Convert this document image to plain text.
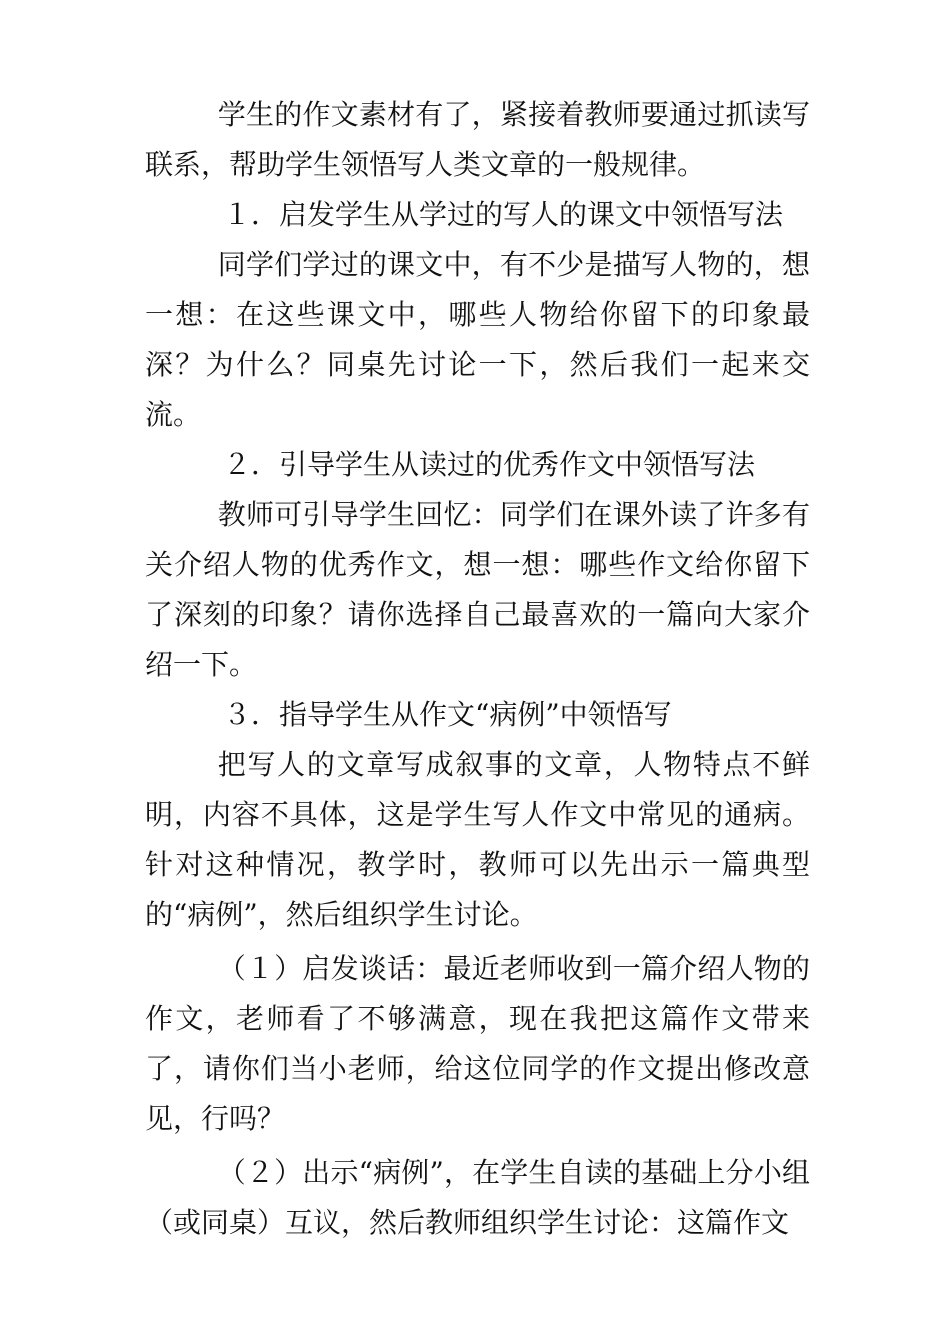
学生的作文素材有了，紧接着教师要通过抓读写联系，帮助学生领悟写人类文章的一般规律。

１．启发学生从学过的写人的课文中领悟写法

同学们学过的课文中，有不少是描写人物的，想一想：在这些课文中，哪些人物给你留下的印象最深？为什么？同桌先讨论一下，然后我们一起来交流。

２．引导学生从读过的优秀作文中领悟写法

教师可引导学生回忆：同学们在课外读了许多有关介绍人物的优秀作文，想一想：哪些作文给你留下了深刻的印象？请你选择自己最喜欢的一篇向大家介绍一下。

３．指导学生从作文“病例”中领悟写

把写人的文章写成叙事的文章，人物特点不鲜明，内容不具体，这是学生写人作文中常见的通病。针对这种情况，教学时，教师可以先出示一篇典型的“病例”，然后组织学生讨论。

（１）启发谈话：最近老师收到一篇介绍人物的作文，老师看了不够满意，现在我把这篇作文带来了，请你们当小老师，给这位同学的作文提出修改意见，行吗？

（２）出示“病例”，在学生自读的基础上分小组（或同桌）互议，然后教师组织学生讨论：这篇作文
